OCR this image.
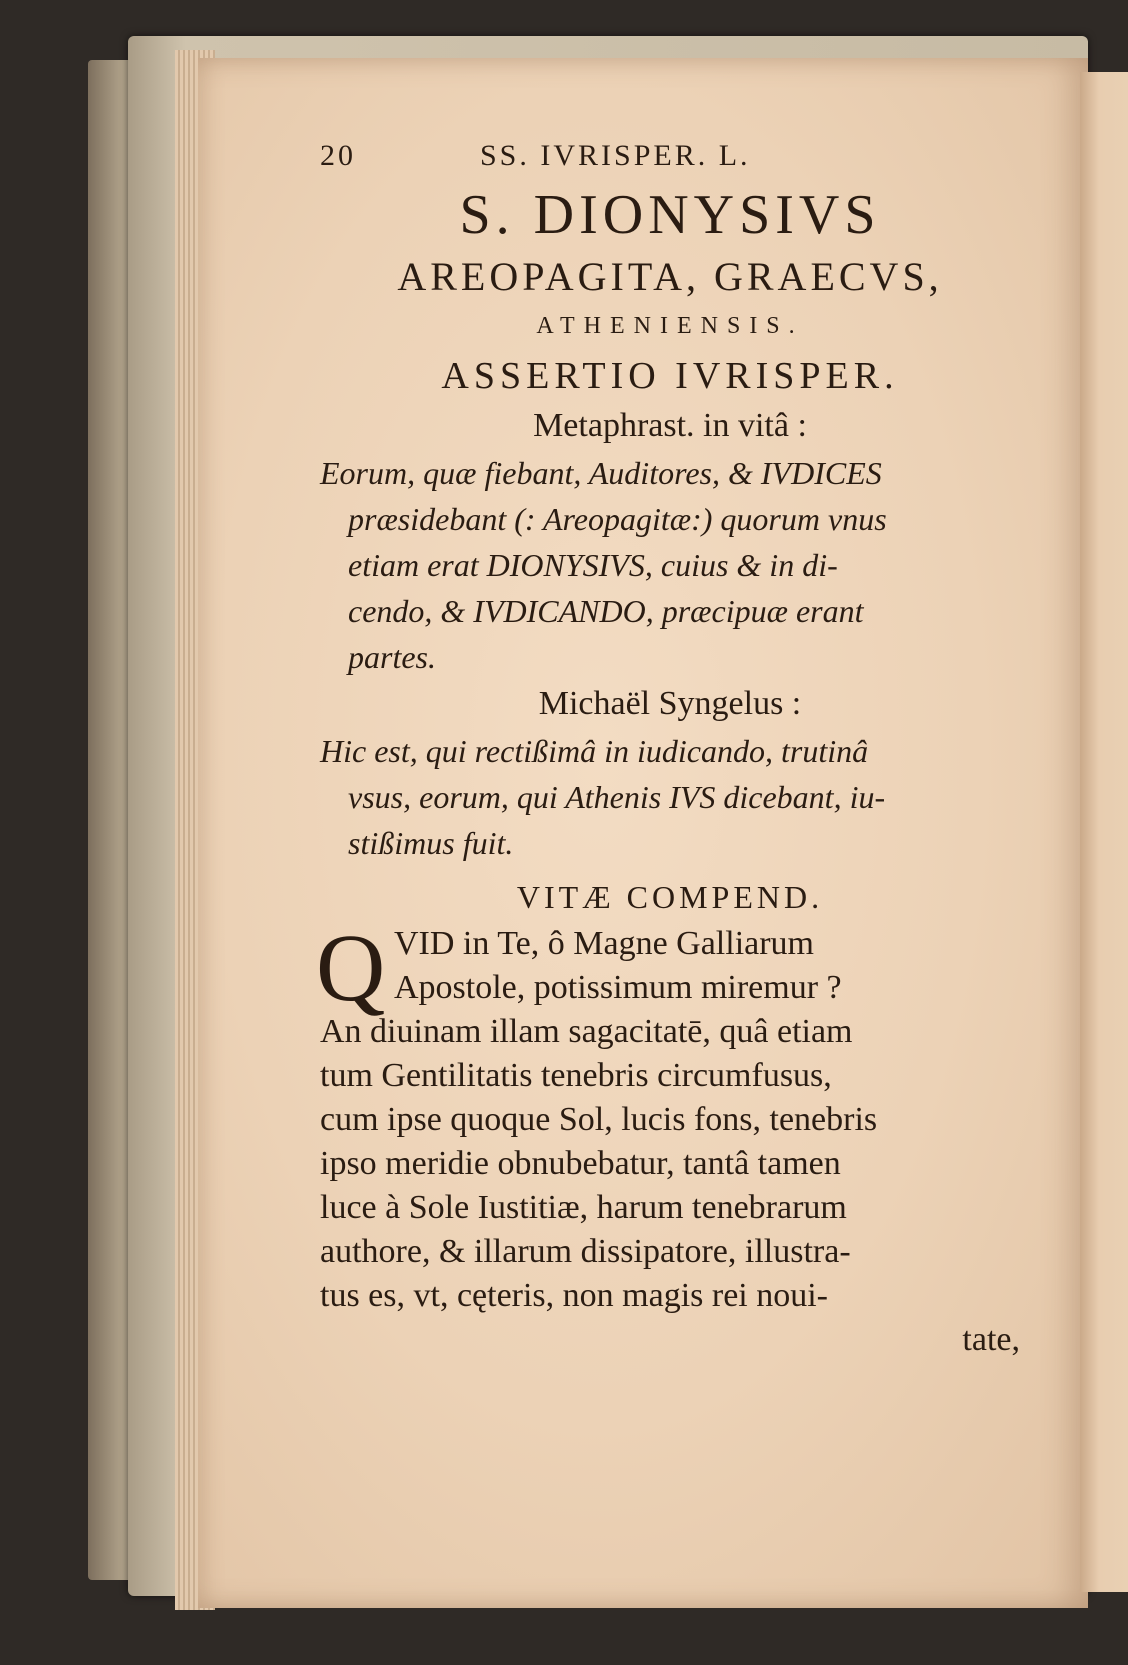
20	SS. IVRISPER. L.
S. DIONYSIVS
AREOPAGITA, GRAECVS,
ATHENIENSIS.
ASSERTIO IVRISPER.
Metaphrast. in vitâ :
Eorum, quæ fiebant, Auditores, & IVDICES
præsidebant (: Areopagitæ:) quorum vnus
etiam erat DIONYSIVS, cuius & in di-
cendo, & IVDICANDO, præcipuæ erant
partes.
Michaël Syngelus :
Hic est, qui rectißimâ in iudicando, trutinâ
vsus, eorum, qui Athenis IVS dicebant, iu-
stißimus fuit.
VITÆ COMPEND.
Q VID in Te, ô Magne Galliarum
Apostole, potissimum miremur ?
An diuinam illam sagacitatē, quâ etiam
tum Gentilitatis tenebris circumfusus,
cum ipse quoque Sol, lucis fons, tenebris
ipso meridie obnubebatur, tantâ tamen
luce à Sole Iustitiæ, harum tenebrarum
authore, & illarum dissipatore, illustra-
tus es, vt, cęteris, non magis rei noui-
tate,
